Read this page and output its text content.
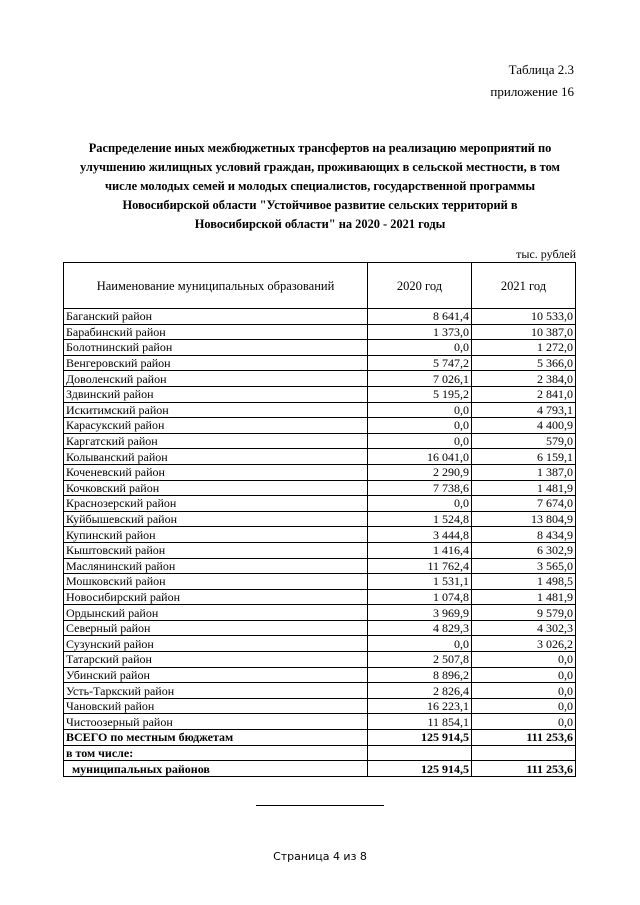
Таблица 2.3
приложение 16
Распределение иных межбюджетных трансфертов на реализацию мероприятий по
улучшению жилищных условий граждан, проживающих в сельской местности, в том
числе молодых семей и молодых специалистов, государственной программы
Новосибирской области "Устойчивое развитие сельских территорий в
Новосибирской области" на 2020 - 2021 годы
тыс. рублей
Наименование муниципальных образований	2020 год	2021 год
Баганский район	8 641,4	10 533,0
Барабинский район	1 373,0	10 387,0
Болотнинский район	0,0	1 272,0
Венгеровский район	5 747,2	5 366,0
Доволенский район	7 026,1	2 384,0
Здвинский район	5 195,2	2 841,0
Искитимский район	0,0	4 793,1
Карасукский район	0,0	4 400,9
Каргатский район	0,0	579,0
Колыванский район	16 041,0	6 159,1
Коченевский район	2 290,9	1 387,0
Кочковский район	7 738,6	1 481,9
Краснозерский район	0,0	7 674,0
Куйбышевский район	1 524,8	13 804,9
Купинский район	3 444,8	8 434,9
Кыштовский район	1 416,4	6 302,9
Маслянинский район	11 762,4	3 565,0
Мошковский район	1 531,1	1 498,5
Новосибирский район	1 074,8	1 481,9
Ордынский район	3 969,9	9 579,0
Северный район	4 829,3	4 302,3
Сузунский район	0,0	3 026,2
Татарский район	2 507,8	0,0
Убинский район	8 896,2	0,0
Усть-Таркский район	2 826,4	0,0
Чановский район	16 223,1	0,0
Чистоозерный район	11 854,1	0,0
ВСЕГО по местным бюджетам	125 914,5	111 253,6
в том числе:		
муниципальных районов	125 914,5	111 253,6
Страница 4 из 8
